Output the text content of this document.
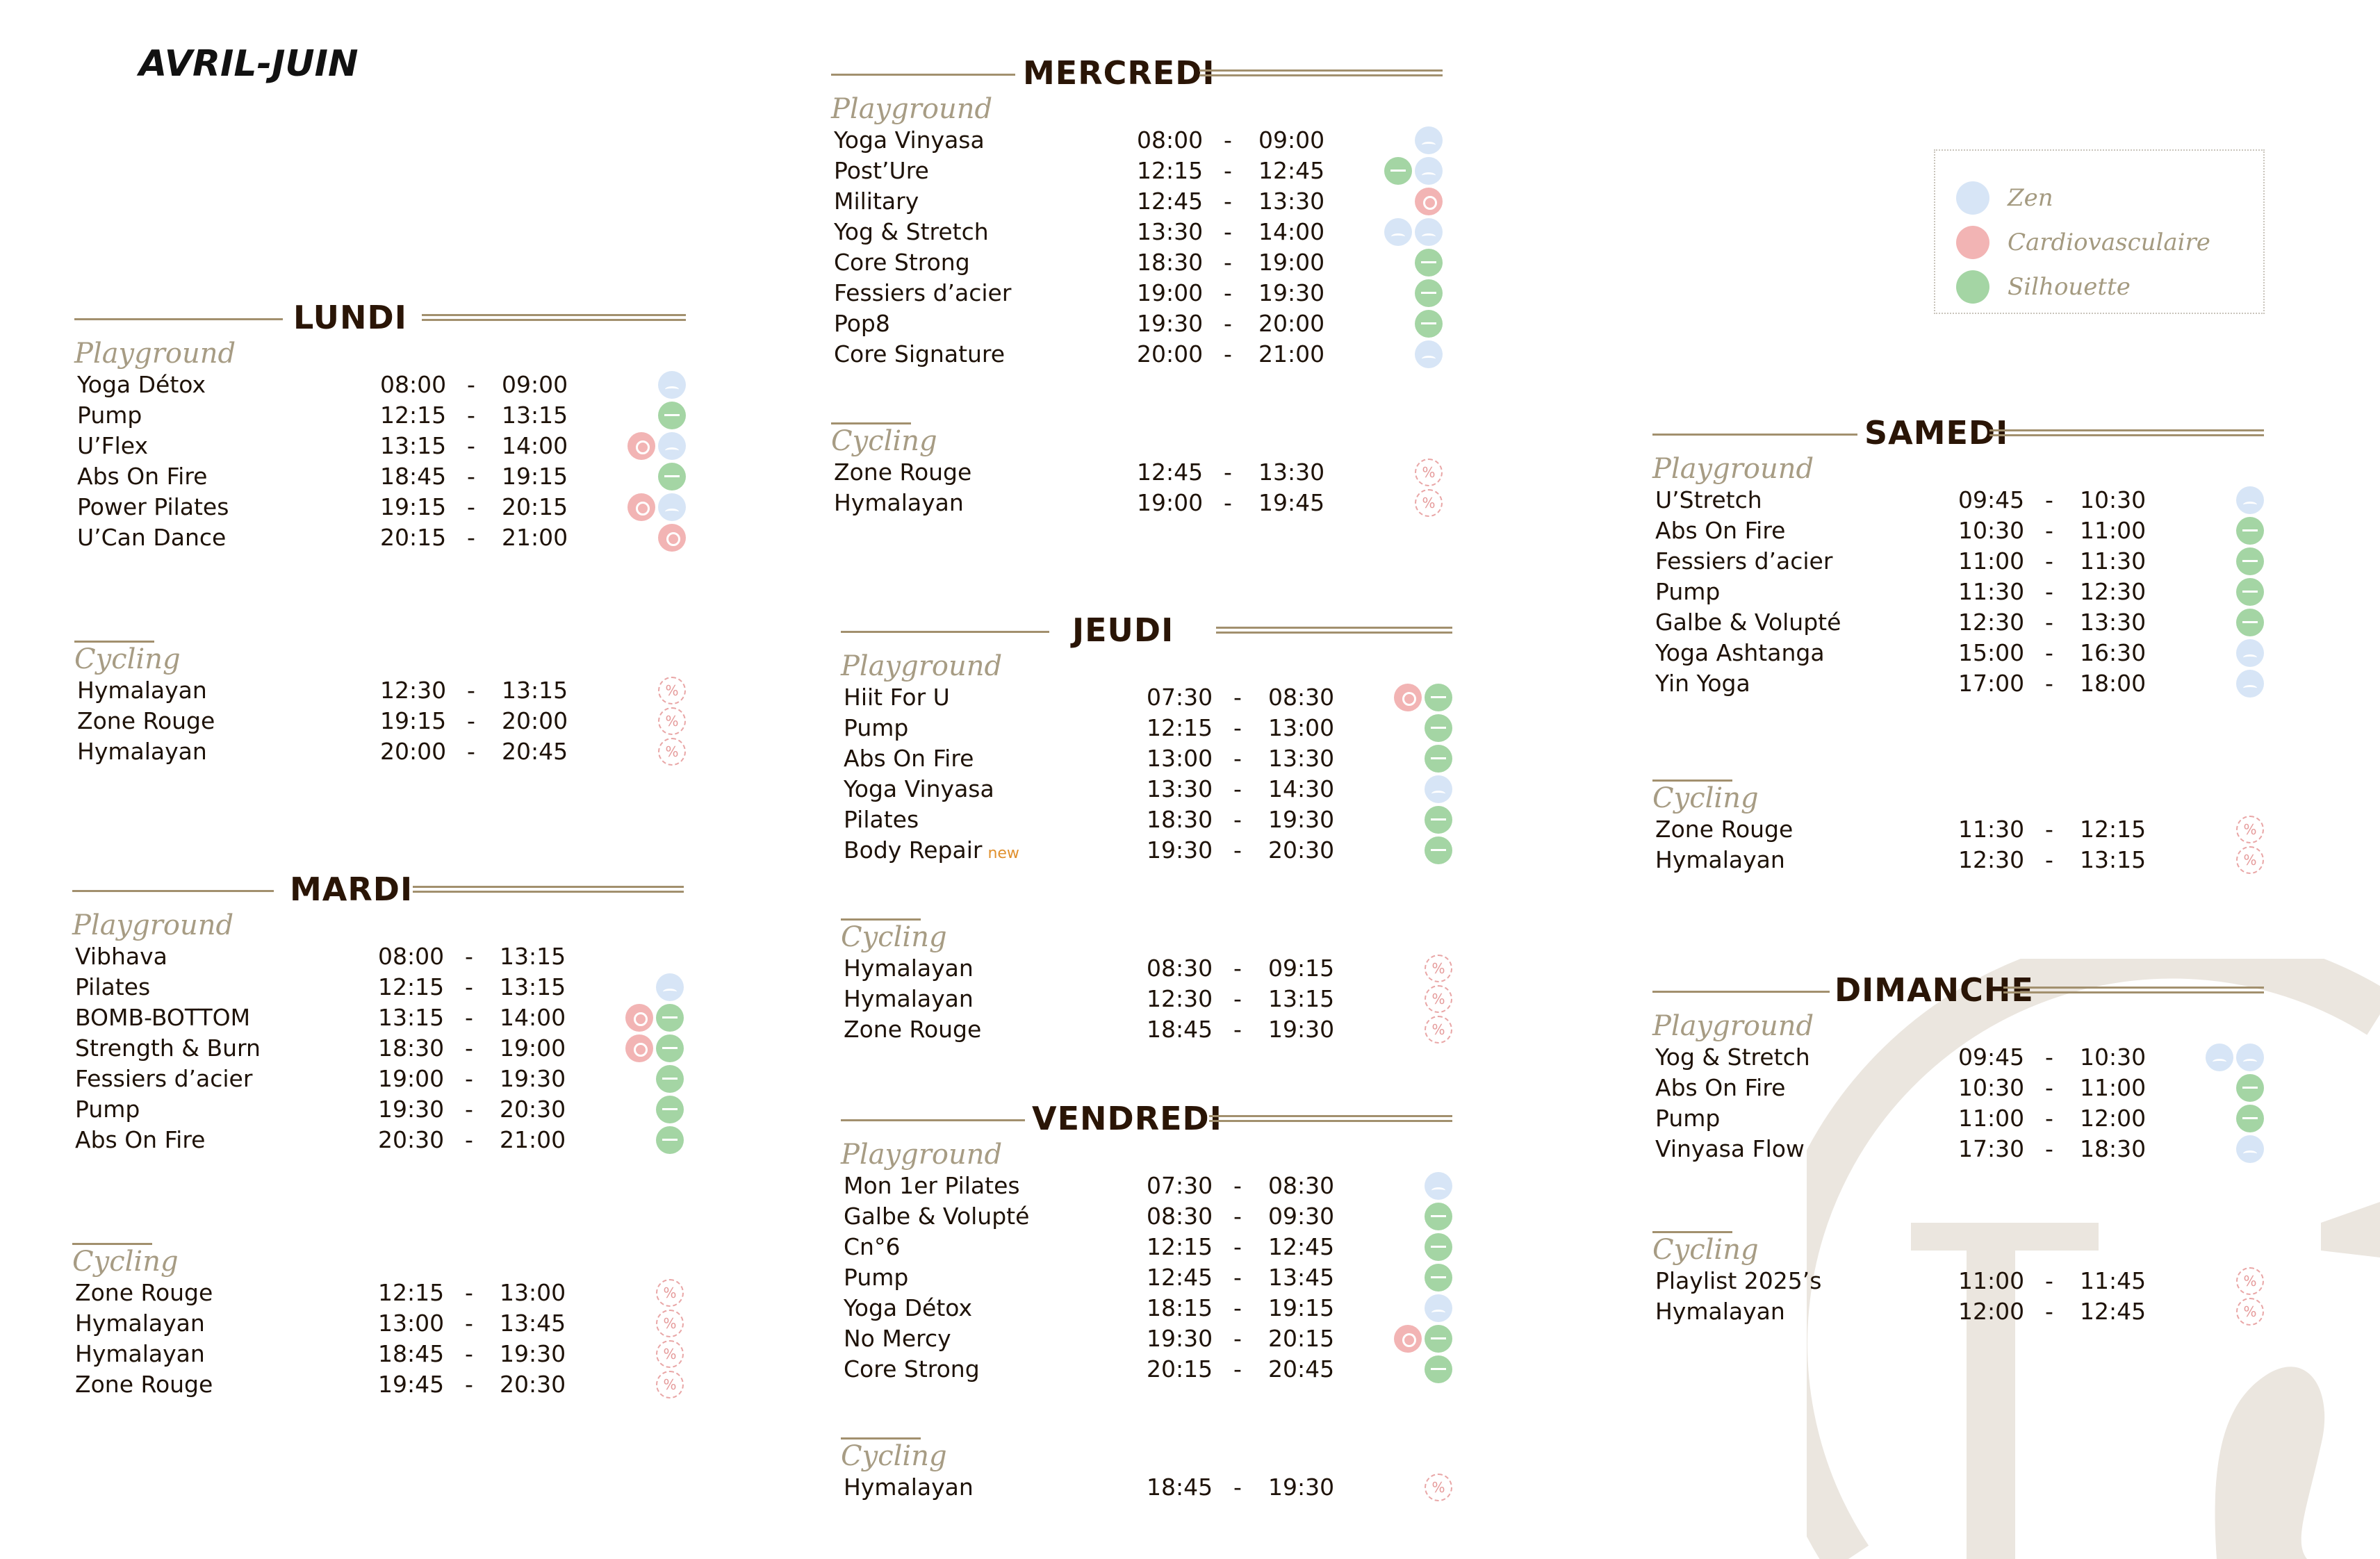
AVRIL-JUIN
Zen
Cardiovasculaire
Silhouette
LUNDI
Playground
Yoga Détox	08:00 - 09:00
Pump	12:15 - 13:15
U’Flex	13:15 - 14:00
Abs On Fire	18:45 - 19:15
Power Pilates	19:15 - 20:15
U’Can Dance	20:15 - 21:00
Cycling
Hymalayan	12:30 - 13:15
%
Zone Rouge	19:15 - 20:00
%
Hymalayan	20:00 - 20:45
%
MARDI
Playground
Vibhava	08:00 - 13:15
Pilates	12:15 - 13:15
BOMB-BOTTOM	13:15 - 14:00
Strength & Burn	18:30 - 19:00
Fessiers d’acier	19:00 - 19:30
Pump	19:30 - 20:30
Abs On Fire	20:30 - 21:00
Cycling
Zone Rouge	12:15 - 13:00
%
Hymalayan	13:00 - 13:45
%
Hymalayan	18:45 - 19:30
%
Zone Rouge	19:45 - 20:30
%
MERCREDI
Playground
Yoga Vinyasa	08:00 - 09:00
Post’Ure	12:15 - 12:45
Military	12:45 - 13:30
Yog & Stretch	13:30 - 14:00
Core Strong	18:30 - 19:00
Fessiers d’acier	19:00 - 19:30
Pop8	19:30 - 20:00
Core Signature	20:00 - 21:00
Cycling
Zone Rouge	12:45 - 13:30
%
Hymalayan	19:00 - 19:45
%
JEUDI
Playground
Hiit For U	07:30 - 08:30
Pump	12:15 - 13:00
Abs On Fire	13:00 - 13:30
Yoga Vinyasa	13:30 - 14:30
Pilates	18:30 - 19:30
Body Repair new	19:30 - 20:30
Cycling
Hymalayan	08:30 - 09:15
%
Hymalayan	12:30 - 13:15
%
Zone Rouge	18:45 - 19:30
%
VENDREDI
Playground
Mon 1er Pilates	07:30 - 08:30
Galbe & Volupté	08:30 - 09:30
Cn°6	12:15 - 12:45
Pump	12:45 - 13:45
Yoga Détox	18:15 - 19:15
No Mercy	19:30 - 20:15
Core Strong	20:15 - 20:45
Cycling
Hymalayan	18:45 - 19:30
%
SAMEDI
Playground
U’Stretch	09:45 - 10:30
Abs On Fire	10:30 - 11:00
Fessiers d’acier	11:00 - 11:30
Pump	11:30 - 12:30
Galbe & Volupté	12:30 - 13:30
Yoga Ashtanga	15:00 - 16:30
Yin Yoga	17:00 - 18:00
Cycling
Zone Rouge	11:30 - 12:15
%
Hymalayan	12:30 - 13:15
%
DIMANCHE
Playground
Yog & Stretch	09:45 - 10:30
Abs On Fire	10:30 - 11:00
Pump	11:00 - 12:00
Vinyasa Flow	17:30 - 18:30
Cycling
Playlist 2025’s	11:00 - 11:45
%
Hymalayan	12:00 - 12:45
%
